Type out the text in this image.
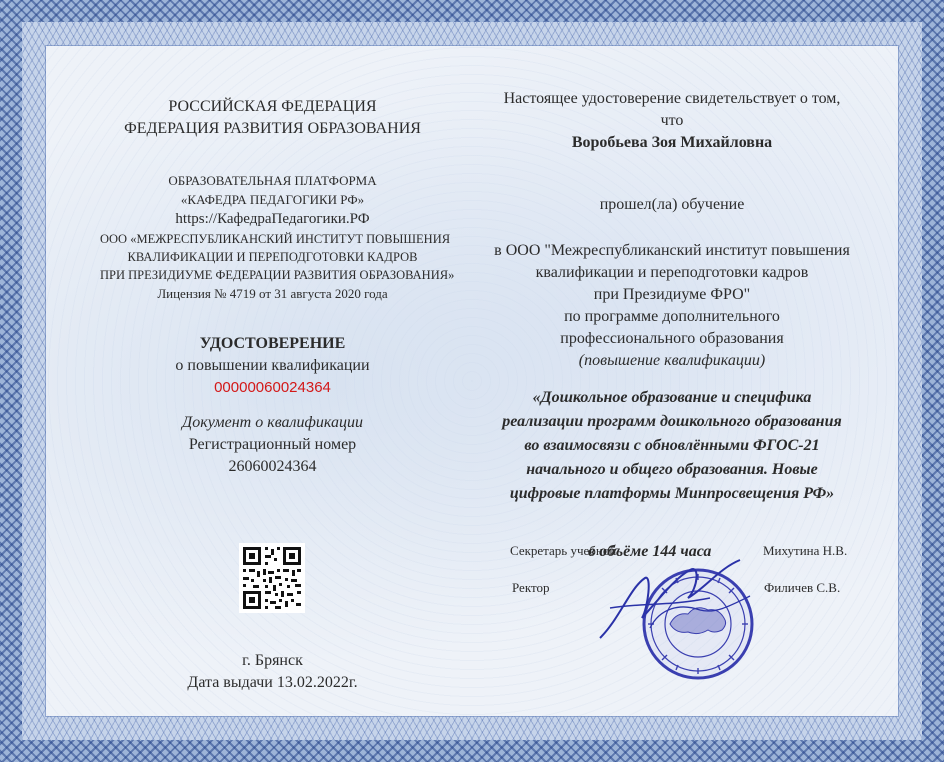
РОССИЙСКАЯ ФЕДЕРАЦИЯ
ФЕДЕРАЦИЯ РАЗВИТИЯ ОБРАЗОВАНИЯ
ОБРАЗОВАТЕЛЬНАЯ ПЛАТФОРМА
«КАФЕДРА ПЕДАГОГИКИ РФ»
https://КафедраПедагогики.РФ
ООО «МЕЖРЕСПУБЛИКАНСКИЙ ИНСТИТУТ ПОВЫШЕНИЯ
КВАЛИФИКАЦИИ И ПЕРЕПОДГОТОВКИ КАДРОВ
ПРИ ПРЕЗИДИУМЕ ФЕДЕРАЦИИ РАЗВИТИЯ ОБРАЗОВАНИЯ»
Лицензия № 4719 от 31 августа 2020 года
УДОСТОВЕРЕНИЕ
о повышении квалификации
00000060024364
Документ о квалификации
Регистрационный номер
26060024364
г. Брянск
Дата выдачи 13.02.2022г.
Настоящее удостоверение свидетельствует о том,
что
Воробьева Зоя Михайловна
прошел(ла) обучение
в ООО "Межреспубликанский институт повышения
квалификации и переподготовки кадров
при Президиуме ФРО"
по программе дополнительного
профессионального образования
(повышение квалификации)
«Дошкольное образование и специфика
реализации программ дошкольного образования
во взаимосвязи с обновлёнными ФГОС-21
начального и общего образования. Новые
цифровые платформы Минпросвещения РФ»
Секретарь учебной
в объёме 144 часа	Михутина Н.В.
Ректор	Филичев С.В.
